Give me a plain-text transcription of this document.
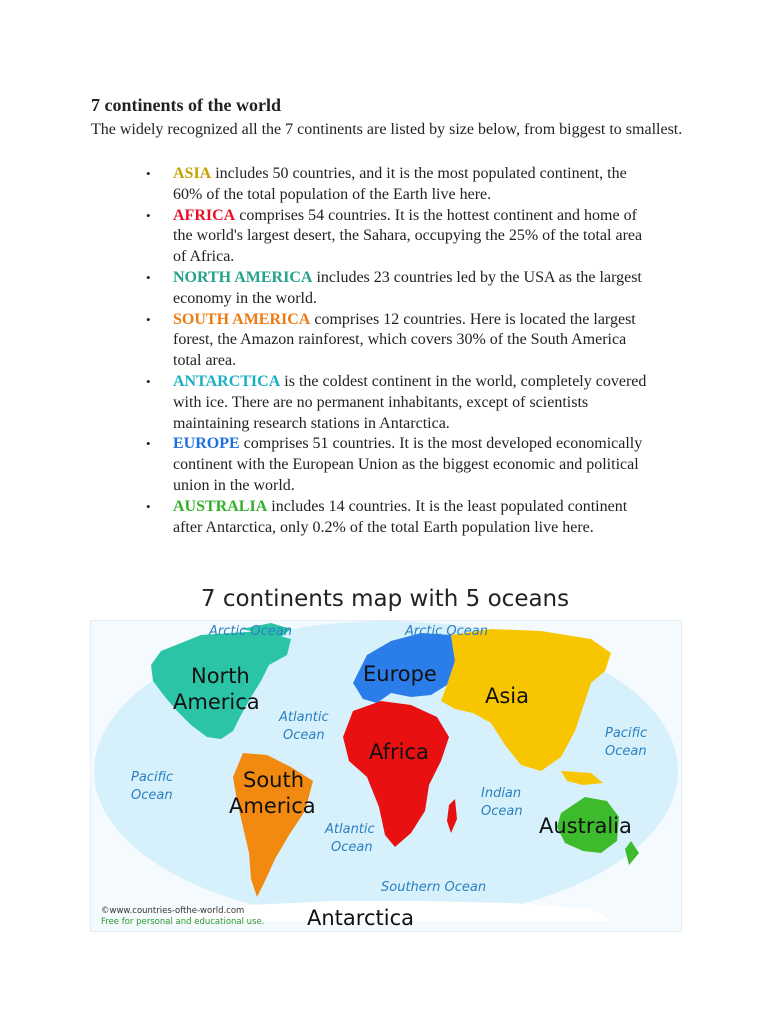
7 continents of the world

The widely recognized all the 7 continents are listed by size below, from biggest to smallest.

• ASIA includes 50 countries, and it is the most populated continent, the 60% of the total population of the Earth live here.
• AFRICA comprises 54 countries. It is the hottest continent and home of the world's largest desert, the Sahara, occupying the 25% of the total area of Africa.
• NORTH AMERICA includes 23 countries led by the USA as the largest economy in the world.
• SOUTH AMERICA comprises 12 countries. Here is located the largest forest, the Amazon rainforest, which covers 30% of the South America total area.
• ANTARCTICA is the coldest continent in the world, completely covered with ice. There are no permanent inhabitants, except of scientists maintaining research stations in Antarctica.
• EUROPE comprises 51 countries. It is the most developed economically continent with the European Union as the biggest economic and political union in the world.
• AUSTRALIA includes 14 countries. It is the least populated continent after Antarctica, only 0.2% of the total Earth population live here.
7 continents map with 5 oceans
North
America
Europe
Asia
Africa
South
America
Australia
Antarctica
Arctic Ocean	Arctic Ocean
Atlantic
Ocean
Atlantic
Ocean
Pacific
Ocean
Pacific
Ocean
Indian
Ocean
Southern Ocean
©www.countries-ofthe-world.com
Free for personal and educational use.
